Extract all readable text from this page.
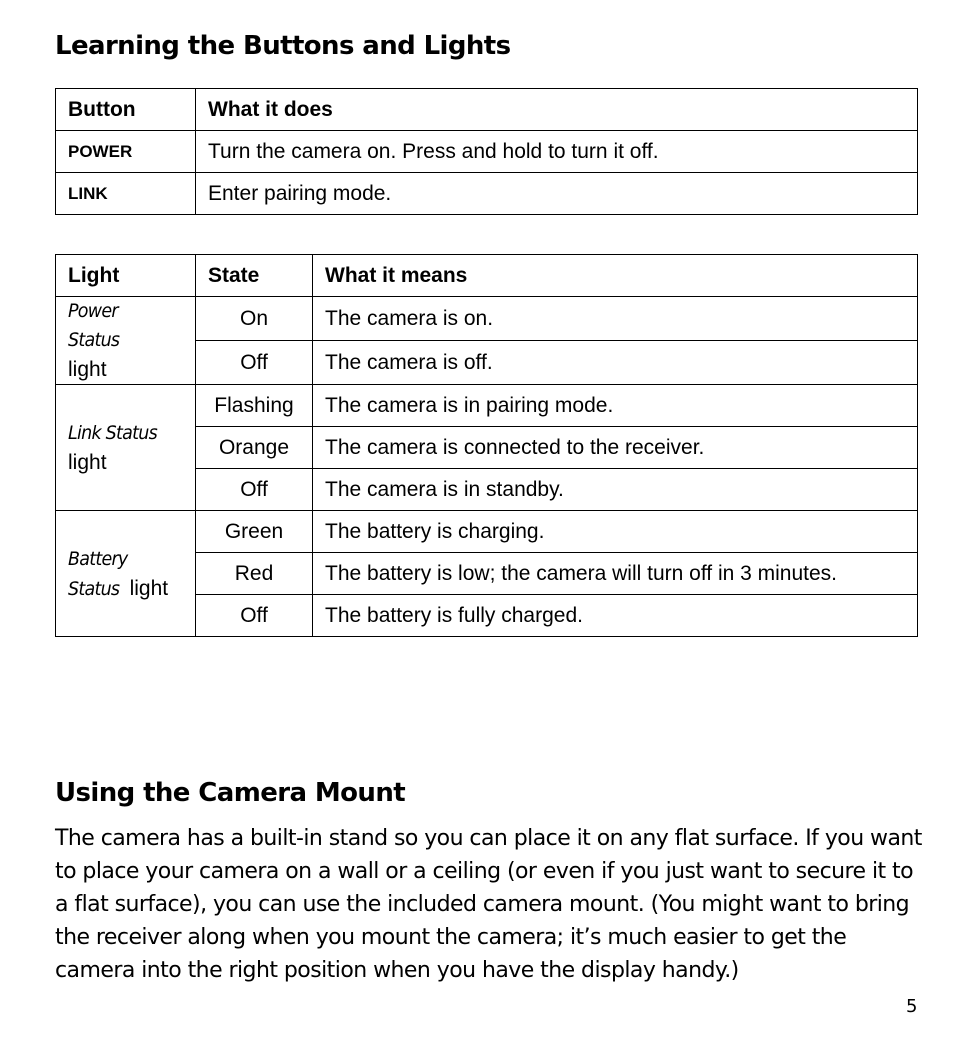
Learning the Buttons and Lights
Button	What it does
POWER	Turn the camera on. Press and hold to turn it off.
LINK	Enter pairing mode.
Light	State	What it means
Power Status
light	On	The camera is on.
	Off	The camera is off.
Link Status
light	Flashing	The camera is in pairing mode.
	Orange	The camera is connected to the receiver.
	Off	The camera is in standby.
Battery
Status light	Green	The battery is charging.
	Red	The battery is low; the camera will turn off in 3 minutes.
	Off	The battery is fully charged.
Using the Camera Mount

The camera has a built-in stand so you can place it on any flat surface. If you want to place your camera on a wall or a ceiling (or even if you just want to secure it to a flat surface), you can use the included camera mount. (You might want to bring the receiver along when you mount the camera; it’s much easier to get the camera into the right position when you have the display handy.)

5
